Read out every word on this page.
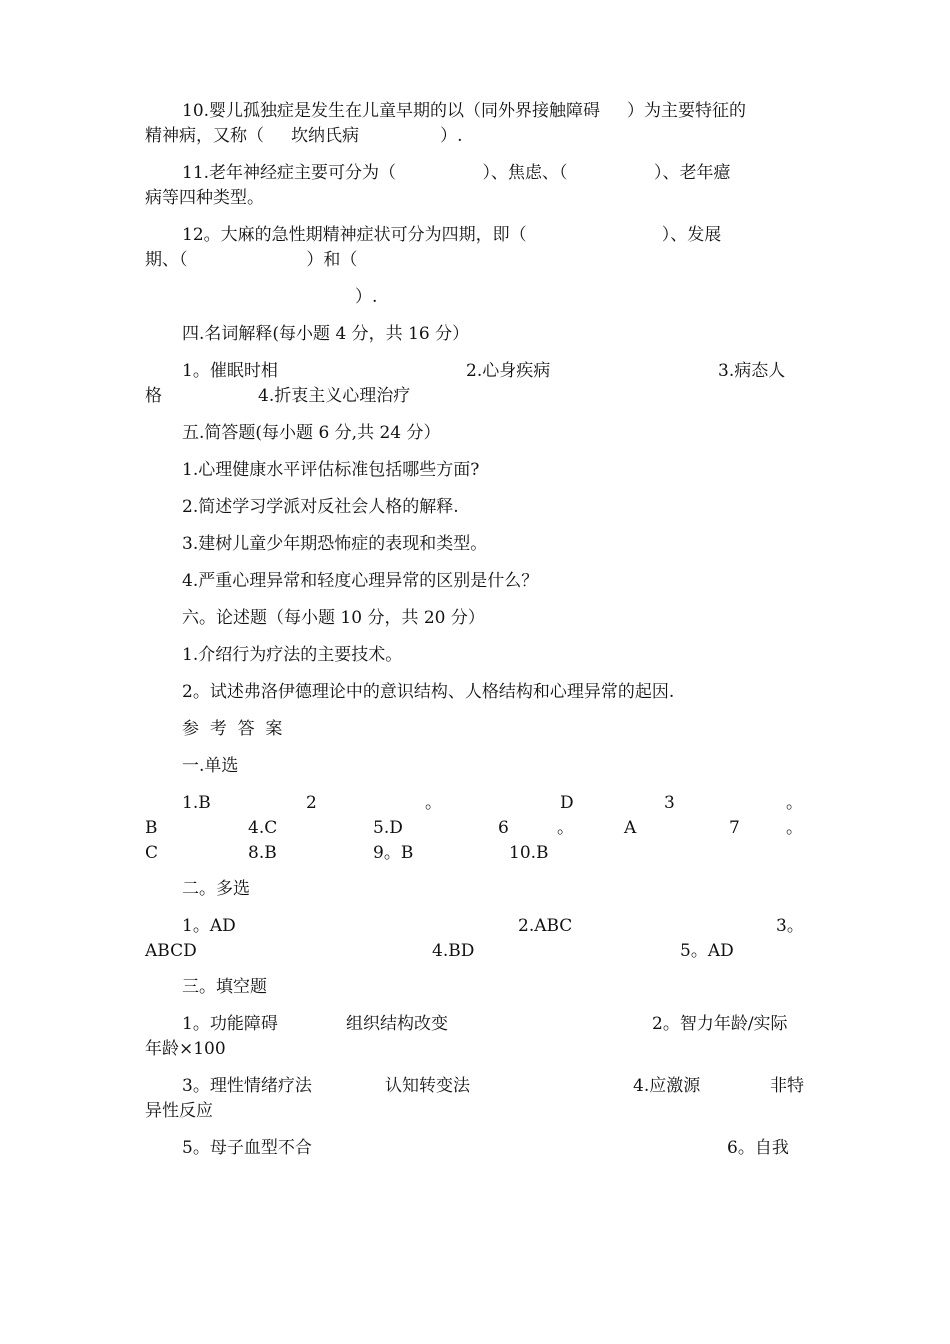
10.婴儿孤独症是发生在儿童早期的以（同外界接触障碍     ）为主要特征的
精神病，又称（     坎纳氏病               ）.
11.老年神经症主要可分为（                ）、焦虑、（                ）、老年癔
病等四种类型。
12。大麻的急性期精神症状可分为四期，即（                         ）、发展
期、（                      ）和（
）.
四.名词解释(每小题 4 分，共 16 分）
1。催眠时相	2.心身疾病	3.病态人
格	4.折衷主义心理治疗
五.简答题(每小题 6 分,共 24 分）
1.心理健康水平评估标准包括哪些方面?
2.简述学习学派对反社会人格的解释.
3.建树儿童少年期恐怖症的表现和类型。
4.严重心理异常和轻度心理异常的区别是什么？
六。论述题（每小题 10 分，共 20 分）
1.介绍行为疗法的主要技术。
2。试述弗洛伊德理论中的意识结构、人格结构和心理异常的起因.
参  考  答  案
一.单选
1.B	2	。	D	3	。
B	4.C	5.D	6	。	A	7	。
C	8.B	9。B	10.B
二。多选
1。AD	2.ABC	3。
ABCD	4.BD	5。AD
三。填空题
1。功能障碍	组织结构改变	2。智力年龄/实际
年龄×100
3。理性情绪疗法	认知转变法	4.应激源	非特
异性反应
5。母子血型不合	6。自我
